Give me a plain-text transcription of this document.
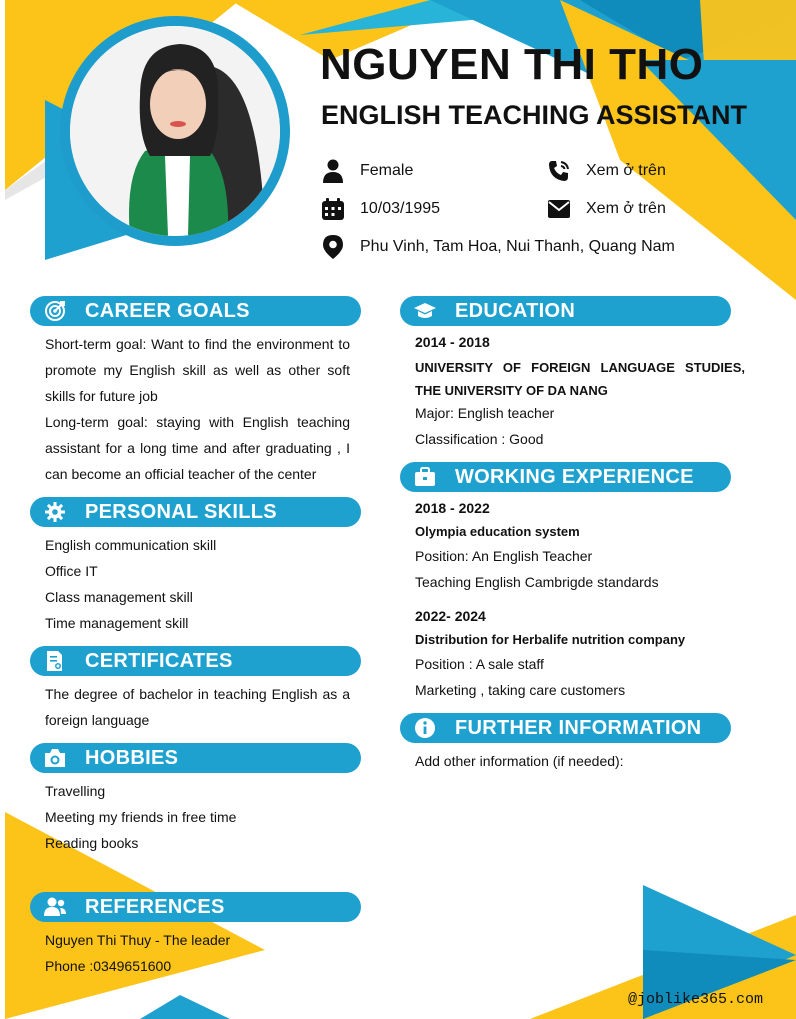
NGUYEN THI THO
ENGLISH TEACHING ASSISTANT
Female	Xem ở trên
10/03/1995	Xem ở trên
Phu Vinh, Tam Hoa, Nui Thanh, Quang Nam
CAREER GOALS
Short-term goal: Want to find the environment to promote my English skill as well as other soft skills for future job
Long-term goal: staying with English teaching assistant for a long time and after graduating , I can become an official teacher of the center
PERSONAL SKILLS
English communication skill
Office IT
Class management skill
Time management skill
CERTIFICATES
The degree of bachelor in teaching English as a foreign language
HOBBIES
Travelling
Meeting my friends in free time
Reading books
REFERENCES
Nguyen Thi Thuy - The leader
Phone :0349651600
EDUCATION
2014 - 2018
UNIVERSITY OF FOREIGN LANGUAGE STUDIES,
THE UNIVERSITY OF DA NANG
Major: English teacher
Classification : Good
WORKING EXPERIENCE
2018 - 2022
Olympia education system
Position: An English Teacher
Teaching English Cambrigde standards
2022- 2024
Distribution for Herbalife nutrition company
Position : A sale staff
Marketing , taking care customers
FURTHER INFORMATION
Add other information (if needed):
@joblike365.com
